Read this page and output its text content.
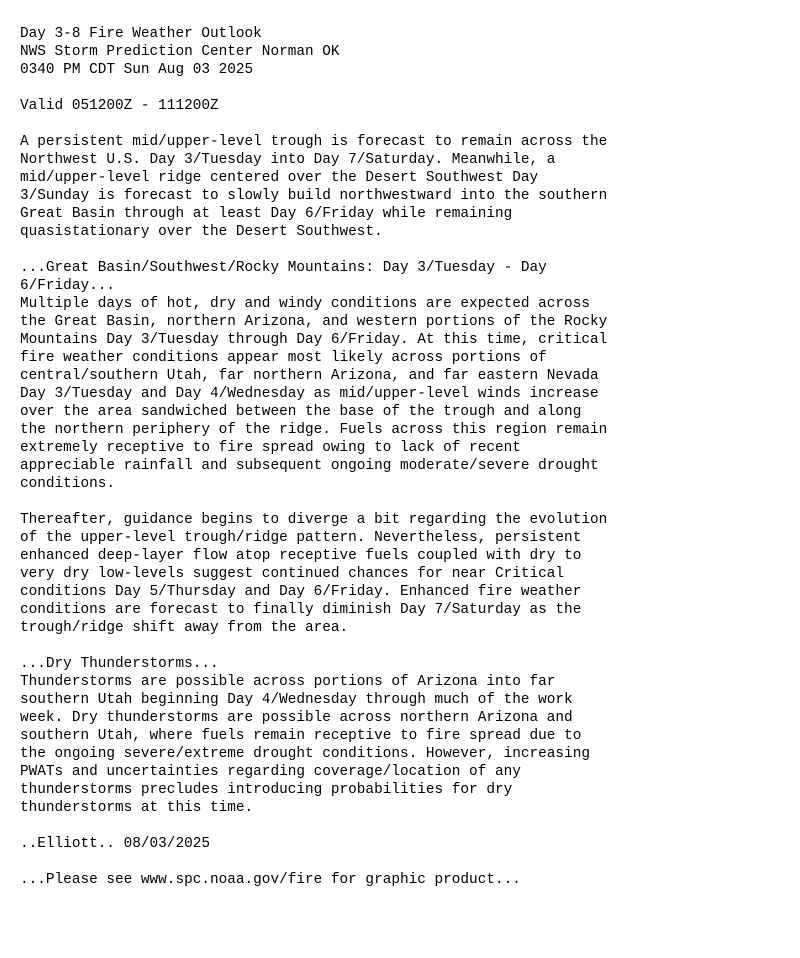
Day 3-8 Fire Weather Outlook
NWS Storm Prediction Center Norman OK
0340 PM CDT Sun Aug 03 2025

Valid 051200Z - 111200Z

A persistent mid/upper-level trough is forecast to remain across the
Northwest U.S. Day 3/Tuesday into Day 7/Saturday. Meanwhile, a
mid/upper-level ridge centered over the Desert Southwest Day
3/Sunday is forecast to slowly build northwestward into the southern
Great Basin through at least Day 6/Friday while remaining
quasistationary over the Desert Southwest.

...Great Basin/Southwest/Rocky Mountains: Day 3/Tuesday - Day
6/Friday...
Multiple days of hot, dry and windy conditions are expected across
the Great Basin, northern Arizona, and western portions of the Rocky
Mountains Day 3/Tuesday through Day 6/Friday. At this time, critical
fire weather conditions appear most likely across portions of
central/southern Utah, far northern Arizona, and far eastern Nevada
Day 3/Tuesday and Day 4/Wednesday as mid/upper-level winds increase
over the area sandwiched between the base of the trough and along
the northern periphery of the ridge. Fuels across this region remain
extremely receptive to fire spread owing to lack of recent
appreciable rainfall and subsequent ongoing moderate/severe drought
conditions.

Thereafter, guidance begins to diverge a bit regarding the evolution
of the upper-level trough/ridge pattern. Nevertheless, persistent
enhanced deep-layer flow atop receptive fuels coupled with dry to
very dry low-levels suggest continued chances for near Critical
conditions Day 5/Thursday and Day 6/Friday. Enhanced fire weather
conditions are forecast to finally diminish Day 7/Saturday as the
trough/ridge shift away from the area.

...Dry Thunderstorms...
Thunderstorms are possible across portions of Arizona into far
southern Utah beginning Day 4/Wednesday through much of the work
week. Dry thunderstorms are possible across northern Arizona and
southern Utah, where fuels remain receptive to fire spread due to
the ongoing severe/extreme drought conditions. However, increasing
PWATs and uncertainties regarding coverage/location of any
thunderstorms precludes introducing probabilities for dry
thunderstorms at this time.

..Elliott.. 08/03/2025

...Please see www.spc.noaa.gov/fire for graphic product...
